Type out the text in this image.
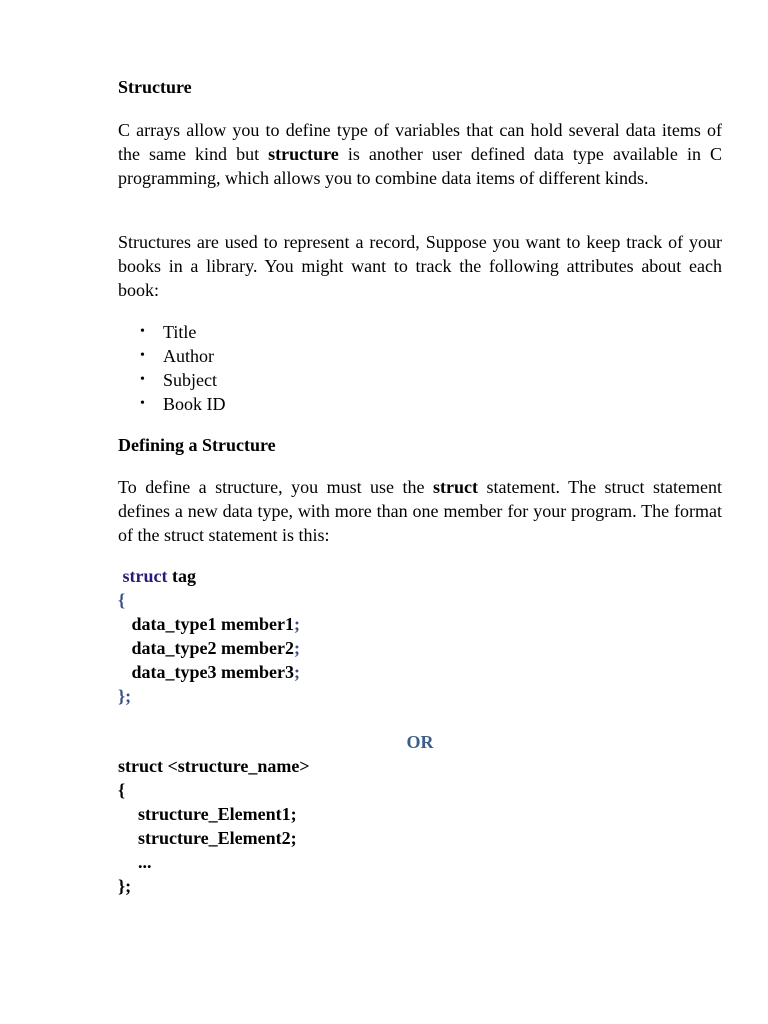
Structure

C arrays allow you to define type of variables that can hold several data items of the same kind but structure is another user defined data type available in C programming, which allows you to combine data items of different kinds.

Structures are used to represent a record, Suppose you want to keep track of your books in a library. You might want to track the following attributes about each book:

• Title
• Author
• Subject
• Book ID

Defining a Structure

To define a structure, you must use the struct statement. The struct statement defines a new data type, with more than one member for your program. The format of the struct statement is this:

struct tag
{
data_type1 member1;
data_type2 member2;
data_type3 member3;
};

OR

struct <structure_name>
{
structure_Element1;
structure_Element2;
...
};
